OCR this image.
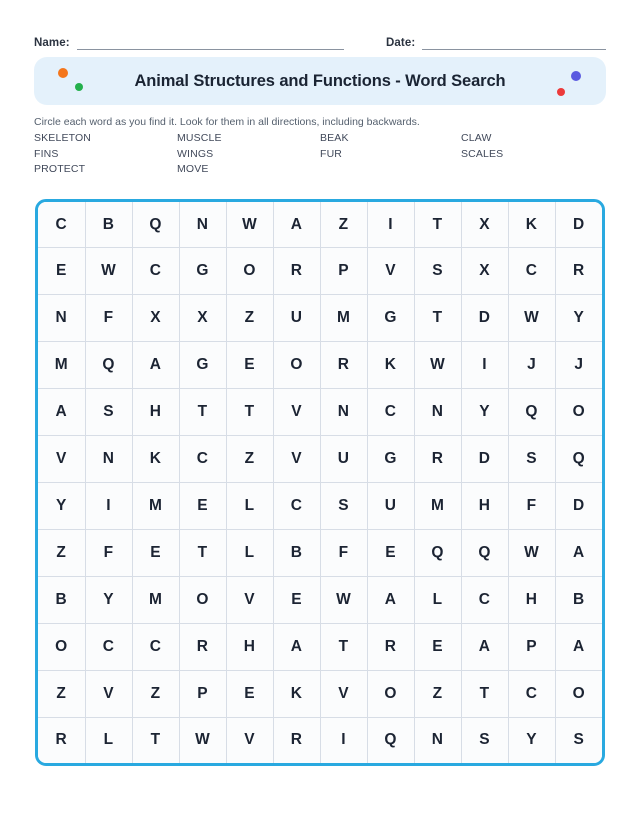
Name:	Date:
Animal Structures and Functions - Word Search
Circle each word as you find it. Look for them in all directions, including backwards.
SKELETON	MUSCLE	BEAK	CLAW
FINS	WINGS	FUR	SCALES
PROTECT	MOVE
C	B	Q	N	W	A	Z	I	T	X	K	D
E	W	C	G	O	R	P	V	S	X	C	R
N	F	X	X	Z	U	M	G	T	D	W	Y
M	Q	A	G	E	O	R	K	W	I	J	J
A	S	H	T	T	V	N	C	N	Y	Q	O
V	N	K	C	Z	V	U	G	R	D	S	Q
Y	I	M	E	L	C	S	U	M	H	F	D
Z	F	E	T	L	B	F	E	Q	Q	W	A
B	Y	M	O	V	E	W	A	L	C	H	B
O	C	C	R	H	A	T	R	E	A	P	A
Z	V	Z	P	E	K	V	O	Z	T	C	O
R	L	T	W	V	R	I	Q	N	S	Y	S
